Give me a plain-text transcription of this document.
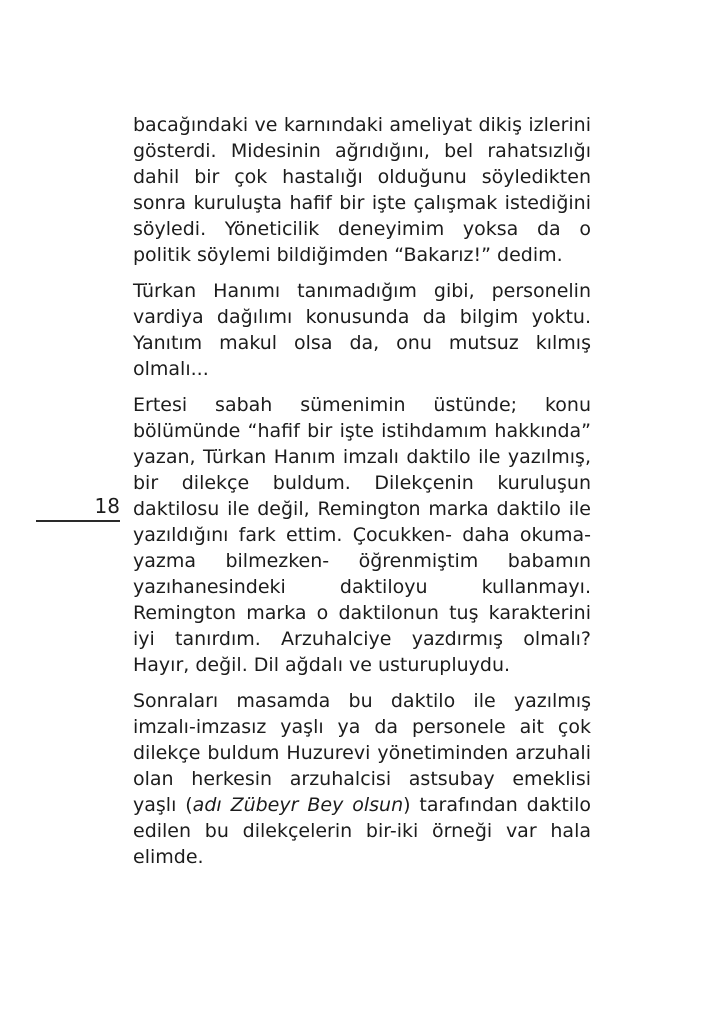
18

bacağındaki ve karnındaki ameliyat dikiş izlerini gösterdi. Midesinin ağrıdığını, bel rahatsızlığı dahil bir çok hastalığı olduğunu söyledikten sonra kuruluşta hafif bir işte çalışmak istediğini söyledi. Yöneticilik deneyimim yoksa da o politik söylemi bildiğimden “Bakarız!” dedim.

Türkan Hanımı tanımadığım gibi, personelin vardiya dağılımı konusunda da bilgim yoktu. Yanıtım makul olsa da, onu mutsuz kılmış olmalı...

Ertesi sabah sümenimin üstünde; konu bölümünde “hafif bir işte istihdamım hakkında” yazan, Türkan Hanım imzalı daktilo ile yazılmış, bir dilekçe buldum. Dilekçenin kuruluşun daktilosu ile değil, Remington marka daktilo ile yazıldığını fark ettim. Çocukken- daha okuma-yazma bilmezken- öğrenmiştim babamın yazıhanesindeki daktiloyu kullanmayı. Remington marka o daktilonun tuş karakterini iyi tanırdım. Arzuhalciye yazdırmış olmalı? Hayır, değil. Dil ağdalı ve usturupluydu.

Sonraları masamda bu daktilo ile yazılmış imzalı-imzasız yaşlı ya da personele ait çok dilekçe buldum Huzurevi yönetiminden arzuhali olan herkesin arzuhalcisi astsubay emeklisi yaşlı (adı Zübeyr Bey olsun) tarafından daktilo edilen bu dilekçelerin bir-iki örneği var hala elimde.
